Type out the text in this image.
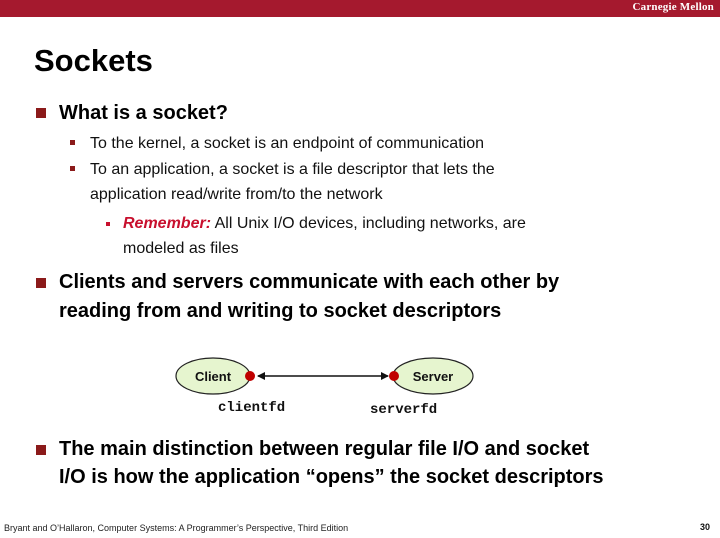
Carnegie Mellon
Sockets
What is a socket?
To the kernel, a socket is an endpoint of communication
To an application, a socket is a file descriptor that lets the
application read/write from/to the network
Remember: All Unix I/O devices, including networks, are
modeled as files
Clients and servers communicate with each other by
reading from and writing to socket descriptors
Client	Server
clientfd	serverfd
The main distinction between regular file I/O and socket
I/O is how the application “opens” the socket descriptors
Bryant and O’Hallaron, Computer Systems: A Programmer’s Perspective, Third Edition	30
